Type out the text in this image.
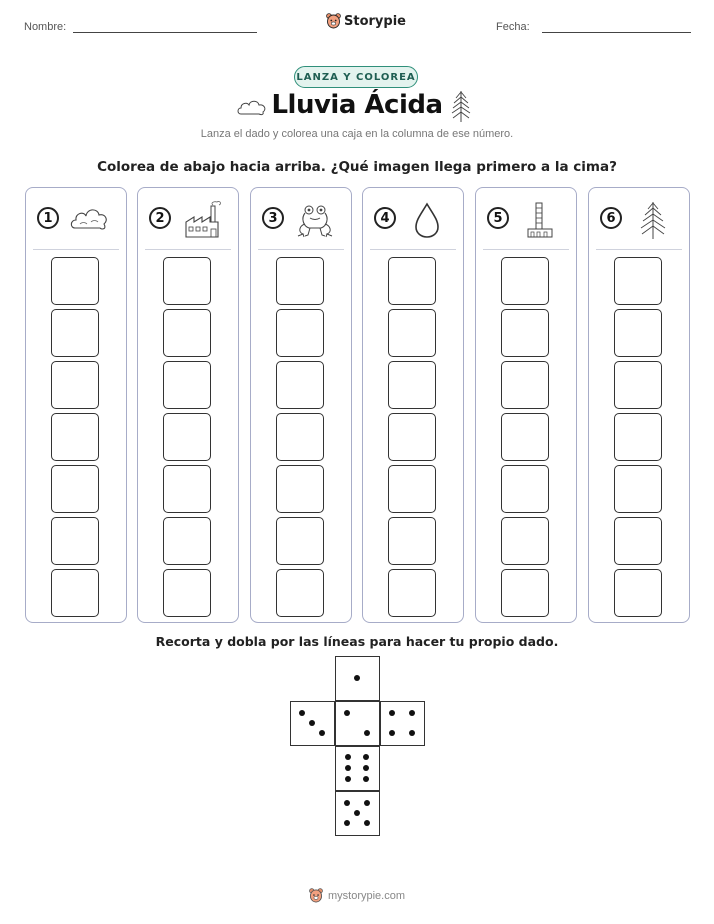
Nombre:	Storypie	Fecha:
LANZA Y COLOREA
Lluvia Ácida
Lanza el dado y colorea una caja en la columna de ese número.
Colorea de abajo hacia arriba. ¿Qué imagen llega primero a la cima?
1	2	3	4	5	6
Recorta y dobla por las líneas para hacer tu propio dado.
mystorypie.com
